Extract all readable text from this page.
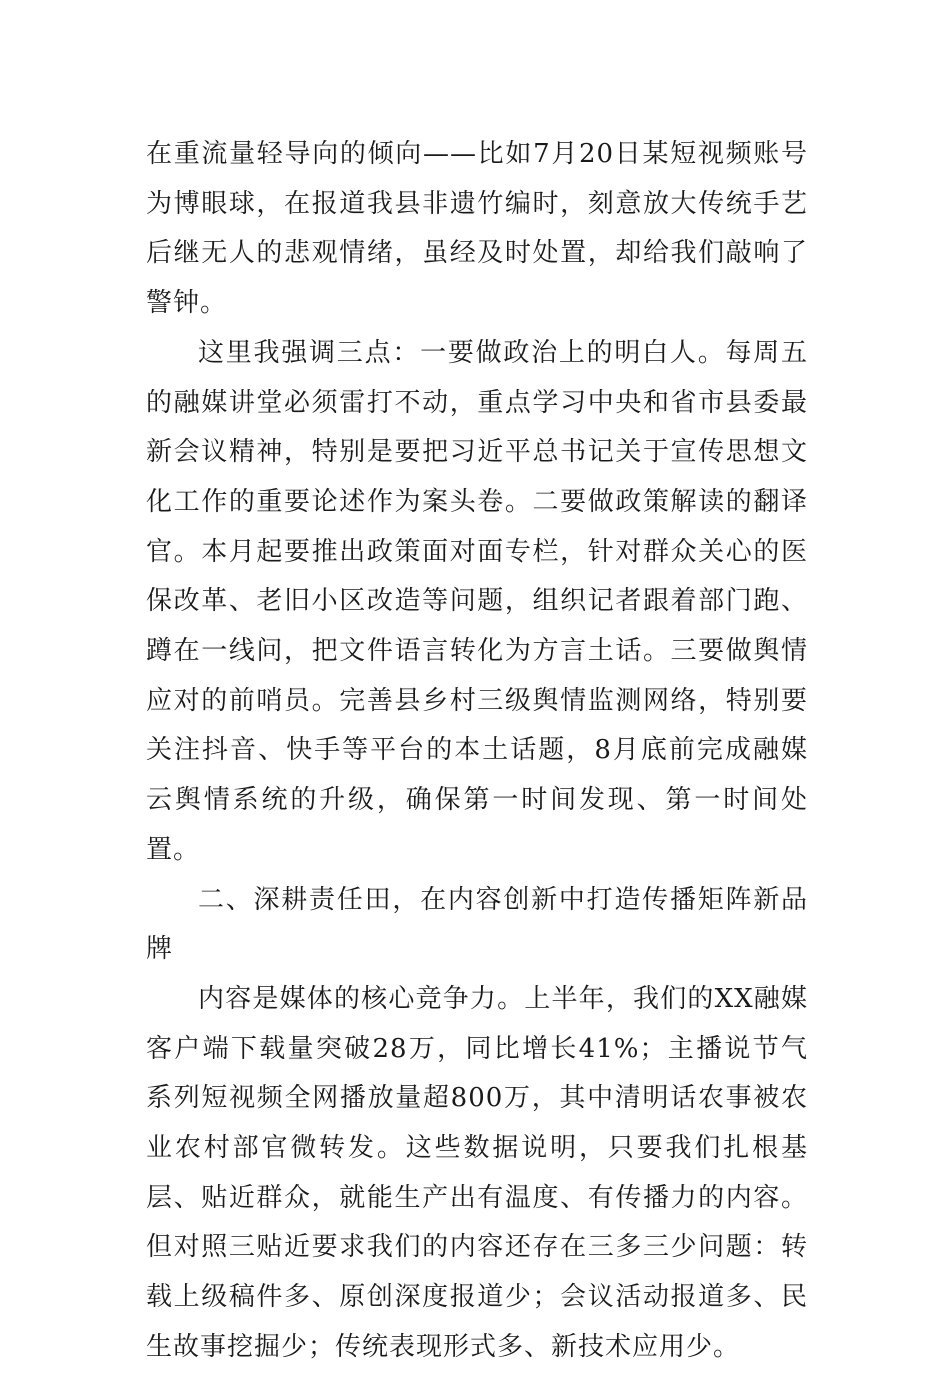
在重流量轻导向的倾向——比如7月20日某短视频账号为博眼球，在报道我县非遗竹编时，刻意放大传统手艺后继无人的悲观情绪，虽经及时处置，却给我们敲响了警钟。

这里我强调三点：一要做政治上的明白人。每周五的融媒讲堂必须雷打不动，重点学习中央和省市县委最新会议精神，特别是要把习近平总书记关于宣传思想文化工作的重要论述作为案头卷。二要做政策解读的翻译官。本月起要推出政策面对面专栏，针对群众关心的医保改革、老旧小区改造等问题，组织记者跟着部门跑、蹲在一线问，把文件语言转化为方言土话。三要做舆情应对的前哨员。完善县乡村三级舆情监测网络，特别要关注抖音、快手等平台的本土话题，8月底前完成融媒云舆情系统的升级，确保第一时间发现、第一时间处置。

二、深耕责任田，在内容创新中打造传播矩阵新品牌

内容是媒体的核心竞争力。上半年，我们的XX融媒客户端下载量突破28万，同比增长41%；主播说节气系列短视频全网播放量超800万，其中清明话农事被农业农村部官微转发。这些数据说明，只要我们扎根基层、贴近群众，就能生产出有温度、有传播力的内容。但对照三贴近要求我们的内容还存在三多三少问题：转载上级稿件多、原创深度报道少；会议活动报道多、民生故事挖掘少；传统表现形式多、新技术应用少。
